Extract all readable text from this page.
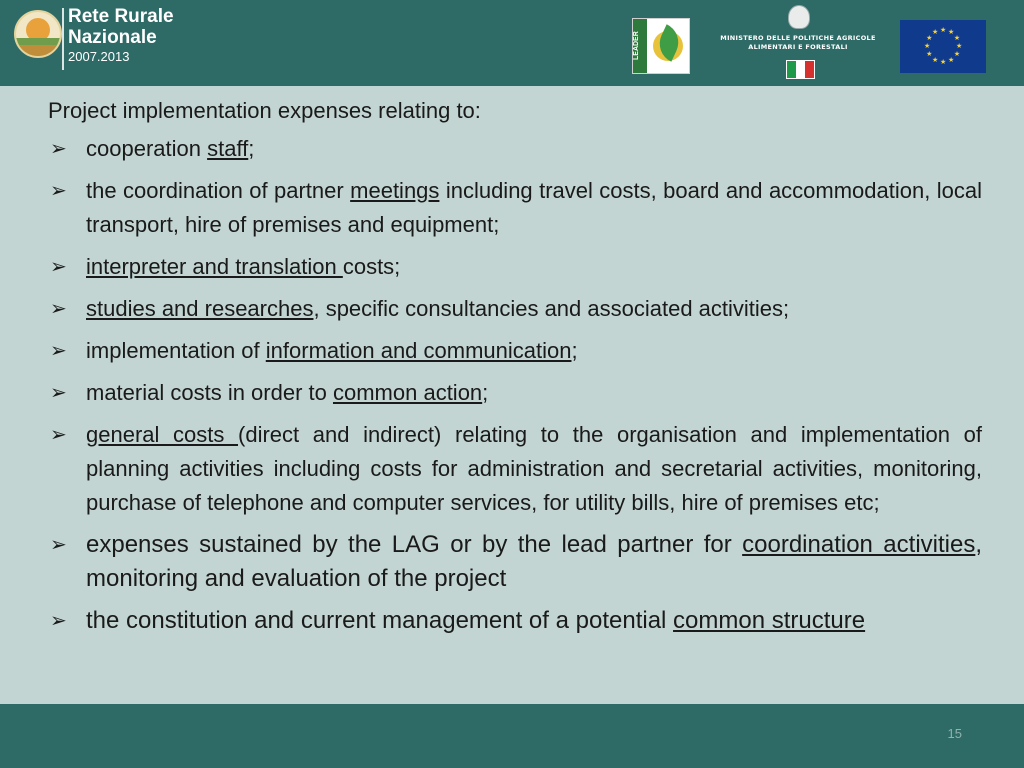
Rete Rurale
Nazionale
2007.2013	LEADER	MINISTERO DELLE POLITICHE AGRICOLE
ALIMENTARI E FORESTALI
★ ★
★
★
★
★
★
★
★
★
★
★

Project implementation expenses relating to:

➢ cooperation staff;
➢ the coordination of partner meetings including travel costs, board and accommodation, local transport, hire of premises and equipment;
➢ interpreter and translation costs;
➢ studies and researches, specific consultancies and associated activities;
➢ implementation of information and communication;
➢ material costs in order to common action;
➢ general costs (direct and indirect) relating to the organisation and implementation of planning activities including costs for administration and secretarial activities, monitoring, purchase of telephone and computer services, for utility bills, hire of premises etc;
➢ expenses sustained by the LAG or by the lead partner for coordination activities, monitoring and evaluation of the project
➢ the constitution and current management of a potential common structure
15
